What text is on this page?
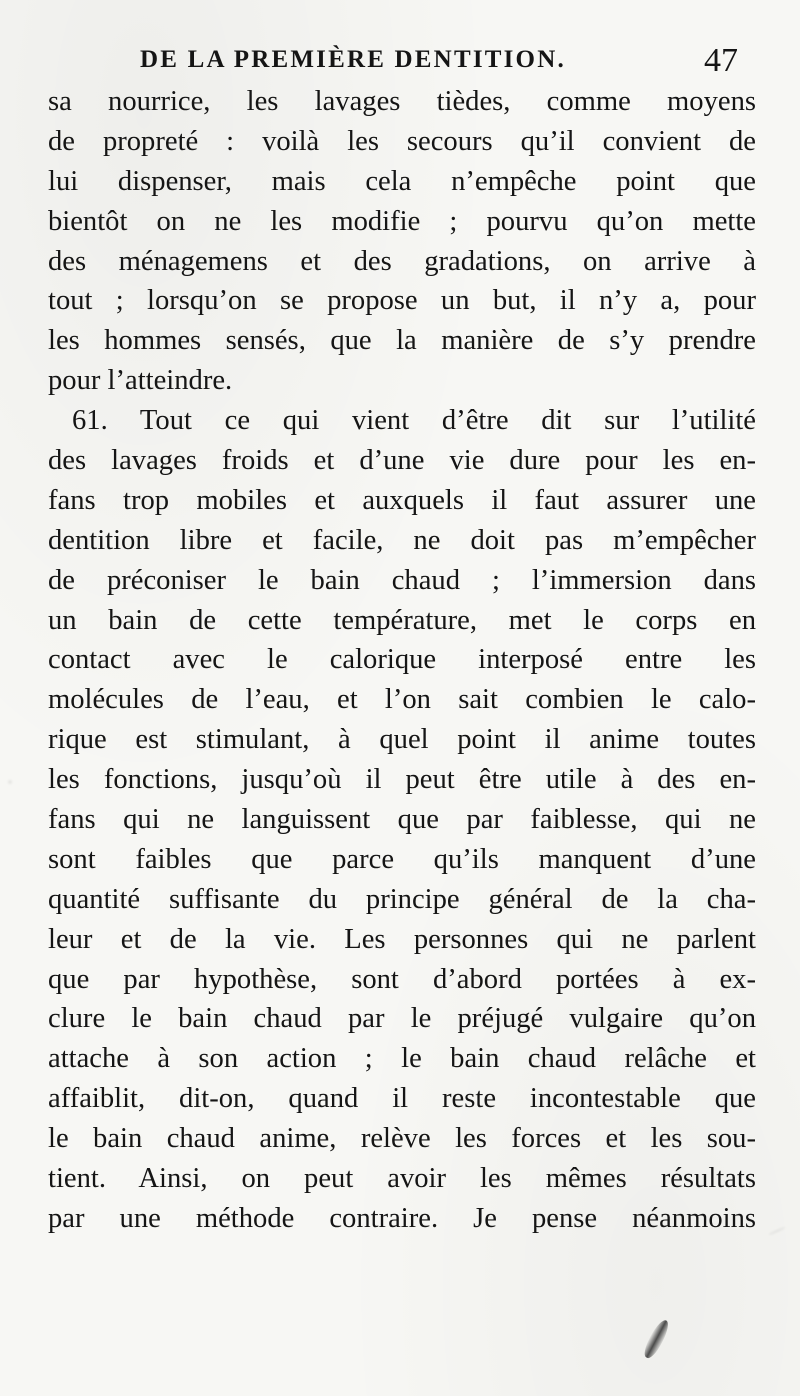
DE LA PREMIÈRE DENTITION.	47
sa nourrice, les lavages tièdes, comme moyens
de propreté : voilà les secours qu’il convient de
lui dispenser, mais cela n’empêche point que
bientôt on ne les modifie ; pourvu qu’on mette
des ménagemens et des gradations, on arrive à
tout ; lorsqu’on se propose un but, il n’y a, pour
les hommes sensés, que la manière de s’y prendre
pour l’atteindre.
61. Tout ce qui vient d’être dit sur l’utilité
des lavages froids et d’une vie dure pour les en-
fans trop mobiles et auxquels il faut assurer une
dentition libre et facile, ne doit pas m’empêcher
de préconiser le bain chaud ; l’immersion dans
un bain de cette température, met le corps en
contact avec le calorique interposé entre les
molécules de l’eau, et l’on sait combien le calo-
rique est stimulant, à quel point il anime toutes
les fonctions, jusqu’où il peut être utile à des en-
fans qui ne languissent que par faiblesse, qui ne
sont faibles que parce qu’ils manquent d’une
quantité suffisante du principe général de la cha-
leur et de la vie. Les personnes qui ne parlent
que par hypothèse, sont d’abord portées à ex-
clure le bain chaud par le préjugé vulgaire qu’on
attache à son action ; le bain chaud relâche et
affaiblit, dit-on, quand il reste incontestable que
le bain chaud anime, relève les forces et les sou-
tient. Ainsi, on peut avoir les mêmes résultats
par une méthode contraire. Je pense néanmoins
